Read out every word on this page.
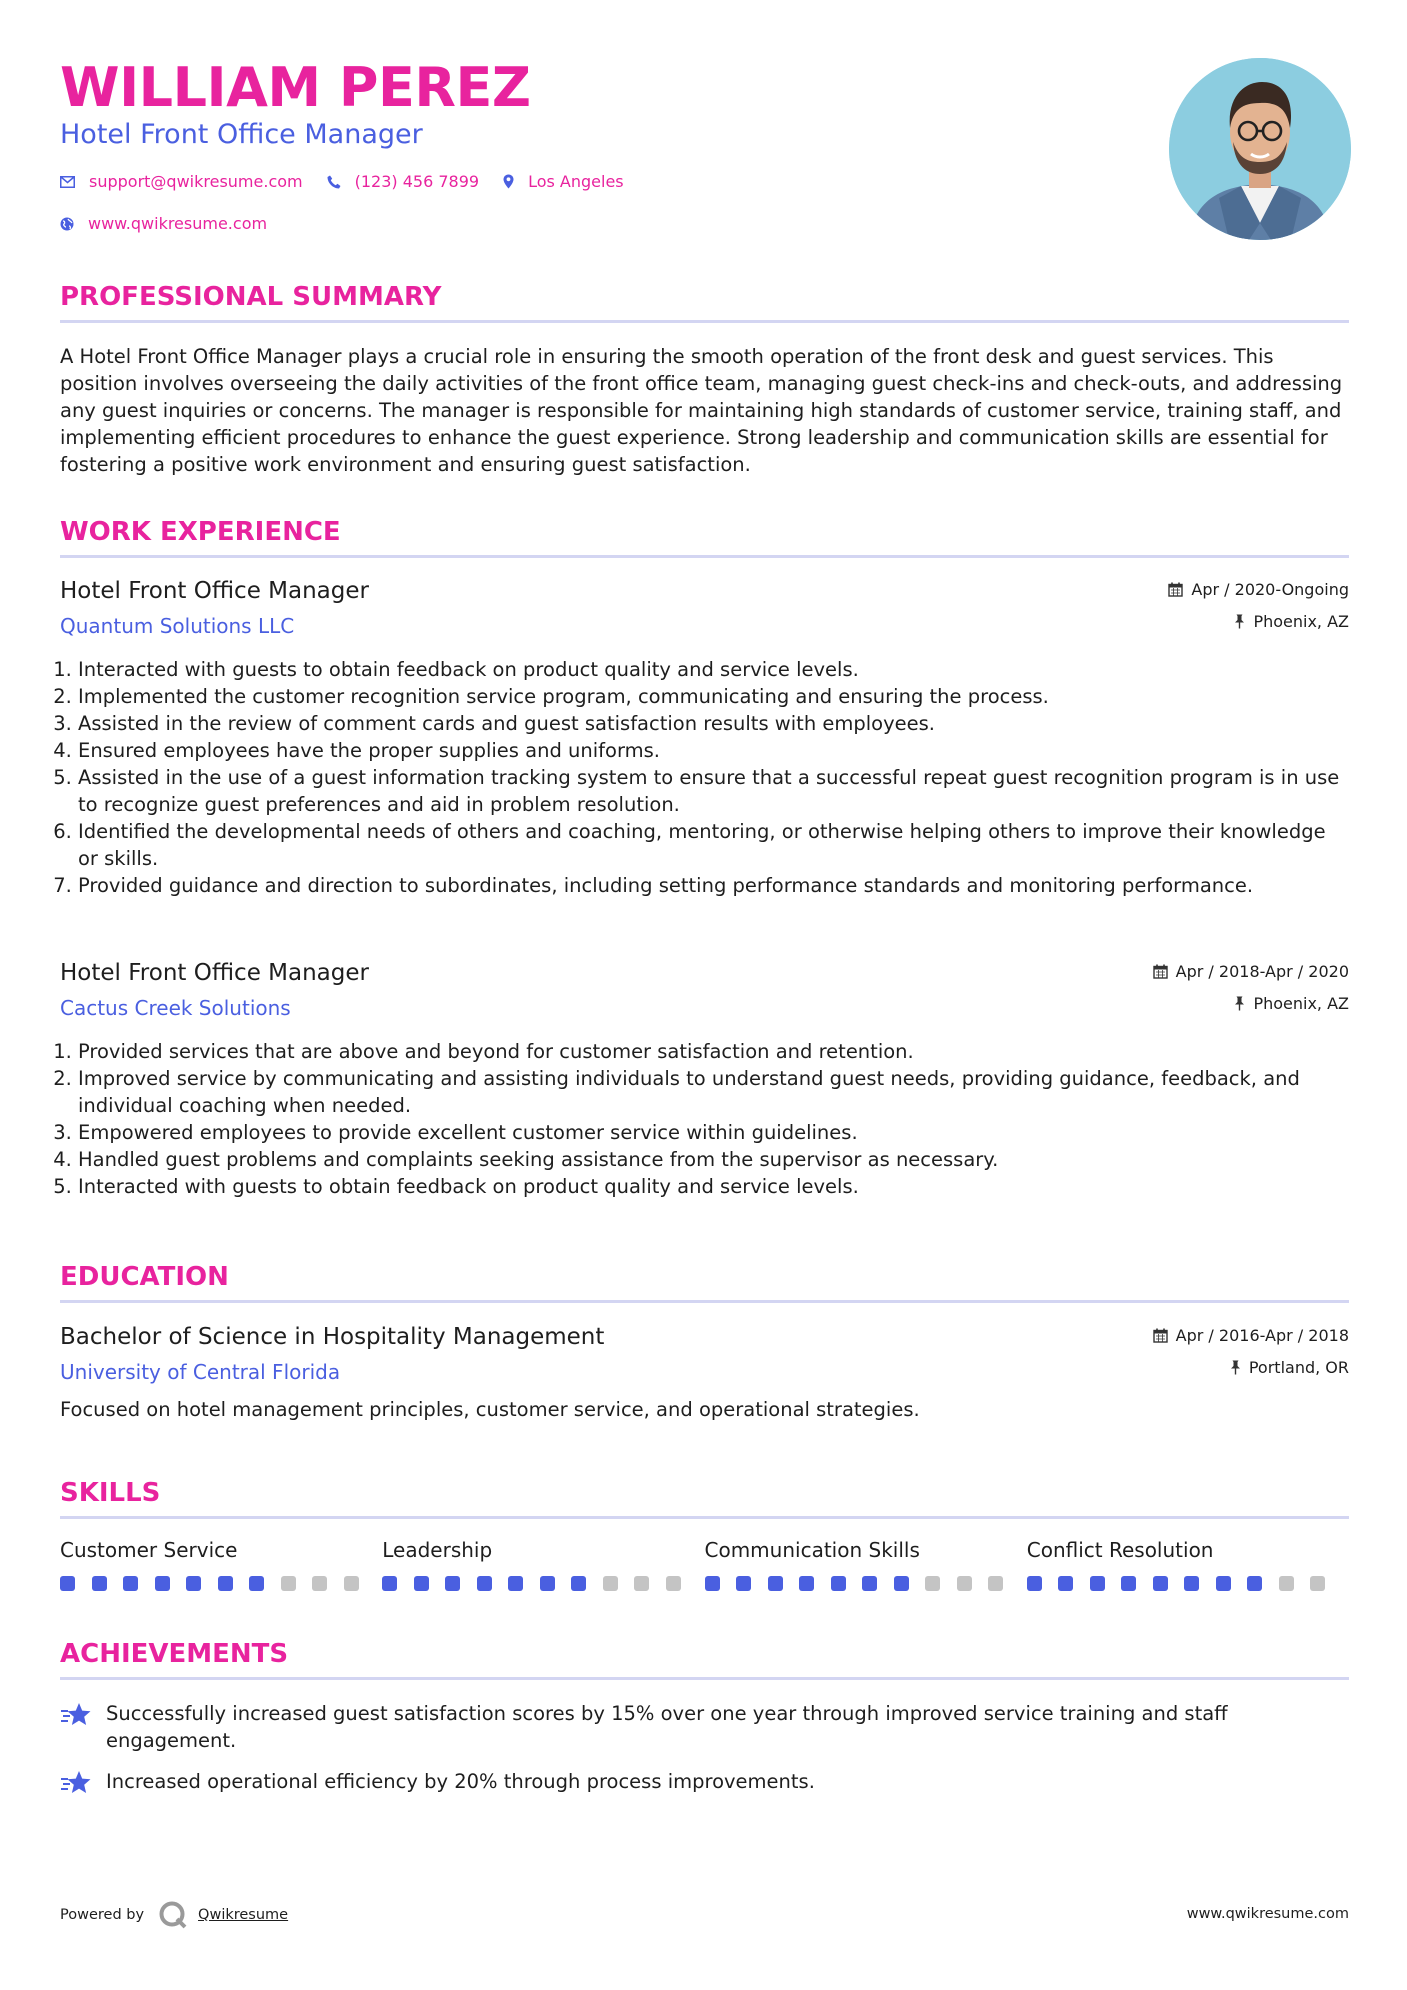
WILLIAM PEREZ
Hotel Front Office Manager
support@qwikresume.com	(123) 456 7899	Los Angeles
www.qwikresume.com
PROFESSIONAL SUMMARY

A Hotel Front Office Manager plays a crucial role in ensuring the smooth operation of the front desk and guest services. This position involves overseeing the daily activities of the front office team, managing guest check-ins and check-outs, and addressing any guest inquiries or concerns. The manager is responsible for maintaining high standards of customer service, training staff, and implementing efficient procedures to enhance the guest experience. Strong leadership and communication skills are essential for fostering a positive work environment and ensuring guest satisfaction.

WORK EXPERIENCE
Hotel Front Office Manager
Quantum Solutions LLC
Apr / 2020-Ongoing
Phoenix, AZ
1. Interacted with guests to obtain feedback on product quality and service levels.
2. Implemented the customer recognition service program, communicating and ensuring the process.
3. Assisted in the review of comment cards and guest satisfaction results with employees.
4. Ensured employees have the proper supplies and uniforms.
5. Assisted in the use of a guest information tracking system to ensure that a successful repeat guest recognition program is in use to recognize guest preferences and aid in problem resolution.
6. Identified the developmental needs of others and coaching, mentoring, or otherwise helping others to improve their knowledge or skills.
7. Provided guidance and direction to subordinates, including setting performance standards and monitoring performance.
Hotel Front Office Manager
Cactus Creek Solutions
Apr / 2018-Apr / 2020
Phoenix, AZ
1. Provided services that are above and beyond for customer satisfaction and retention.
2. Improved service by communicating and assisting individuals to understand guest needs, providing guidance, feedback, and individual coaching when needed.
3. Empowered employees to provide excellent customer service within guidelines.
4. Handled guest problems and complaints seeking assistance from the supervisor as necessary.
5. Interacted with guests to obtain feedback on product quality and service levels.
EDUCATION
Bachelor of Science in Hospitality Management
University of Central Florida
Apr / 2016-Apr / 2018
Portland, OR

Focused on hotel management principles, customer service, and operational strategies.

SKILLS
Customer Service	Leadership	Communication Skills	Conflict Resolution
ACHIEVEMENTS
Successfully increased guest satisfaction scores by 15% over one year through improved service training and staff engagement.
Increased operational efficiency by 20% through process improvements.
Powered by	Qwikresume	www.qwikresume.com
